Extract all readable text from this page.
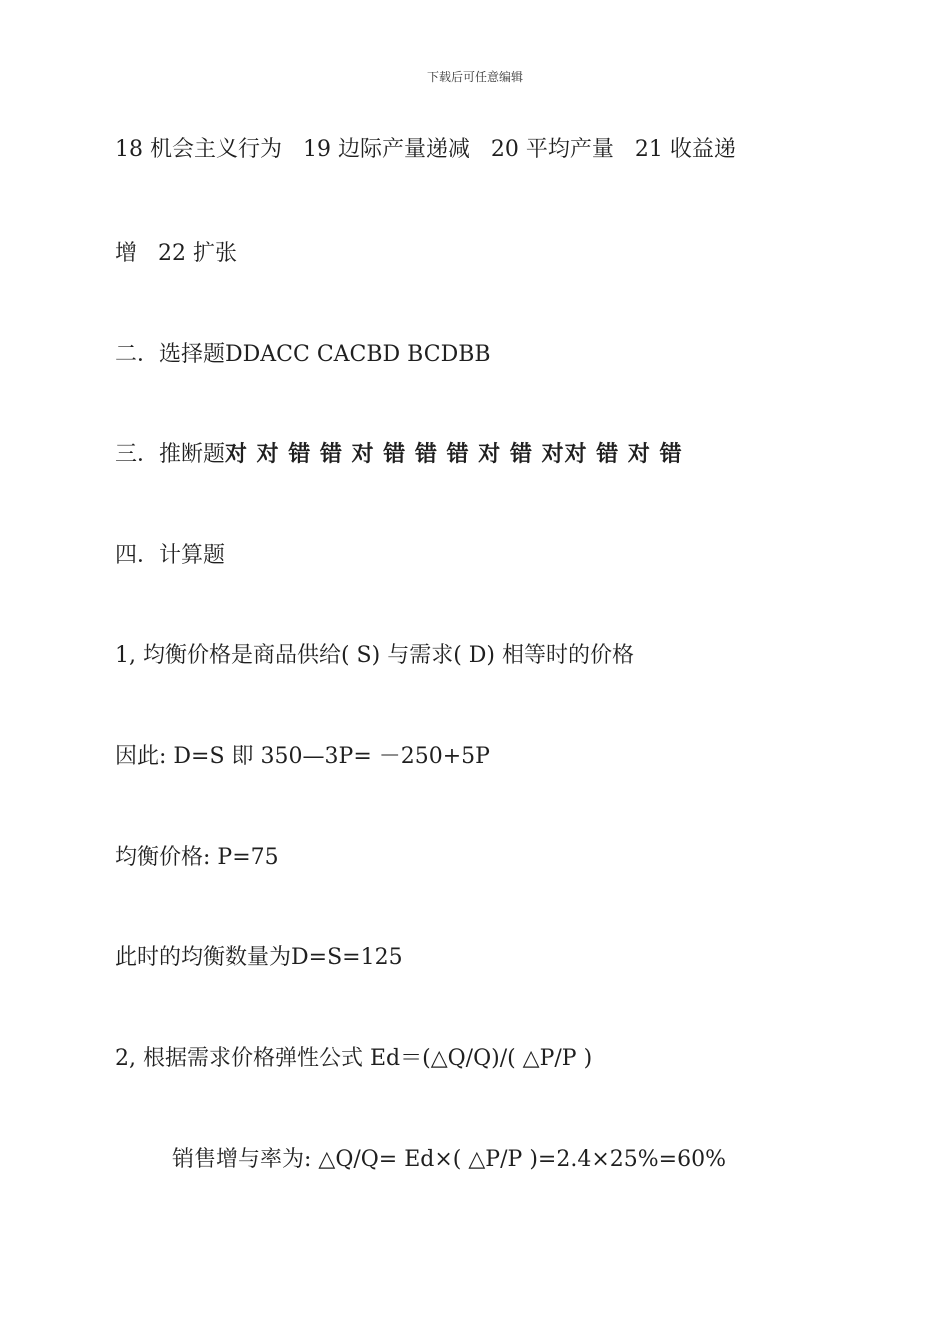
下载后可任意编辑
18 机会主义行为   19 边际产量递减   20 平均产量   21 收益递
增   22 扩张
二．选择题DDACC CACBD BCDBB
三．推断题对 对 错 错 对 错 错 错 对 错 对对 错 对 错
四．计算题
1, 均衡价格是商品供给( S) 与需求( D) 相等时的价格
因此: D=S 即 350—3P= －250+5P
均衡价格: P=75
此时的均衡数量为D=S=125
2, 根据需求价格弹性公式 Ed＝(△Q/Q)/( △P/P )
销售增与率为: △Q/Q= Ed×( △P/P )=2.4×25%=60%
